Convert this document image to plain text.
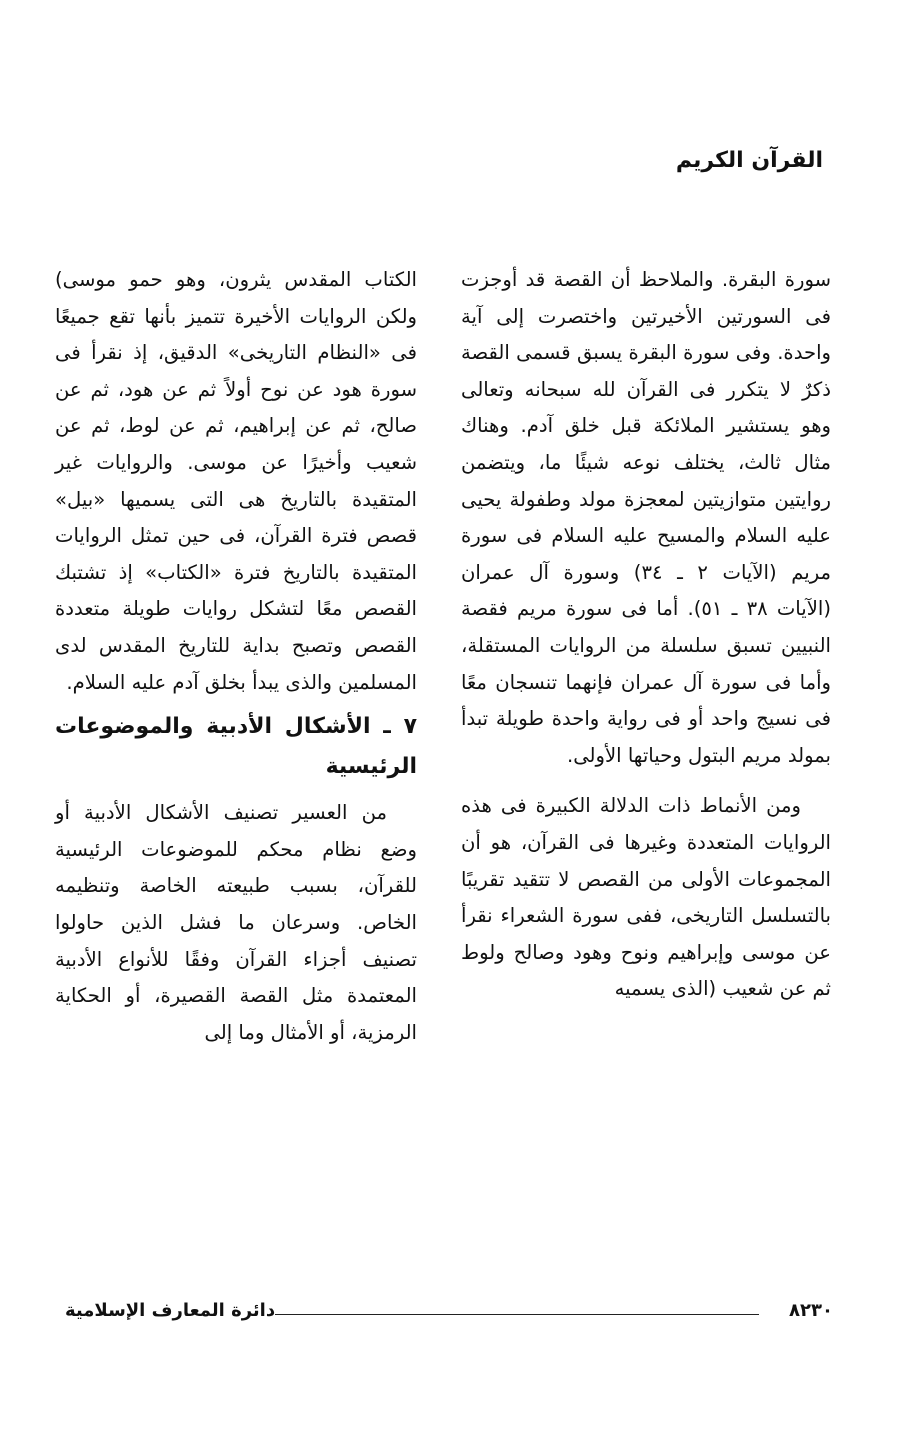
القرآن الكريم

سورة البقرة. والملاحظ أن القصة قد أوجزت فى السورتين الأخيرتين واختصرت إلى آية واحدة. وفى سورة البقرة يسبق قسمى القصة ذكرٌ لا يتكرر فى القرآن لله سبحانه وتعالى وهو يستشير الملائكة قبل خلق آدم. وهناك مثال ثالث، يختلف نوعه شيئًا ما، ويتضمن روايتين متوازيتين لمعجزة مولد وطفولة يحيى عليه السلام والمسيح عليه السلام فى سورة مريم (الآيات ٢ ـ ٣٤) وسورة آل عمران (الآيات ٣٨ ـ ٥١). أما فى سورة مريم فقصة النبيين تسبق سلسلة من الروايات المستقلة، وأما فى سورة آل عمران فإنهما تنسجان معًا فى نسيج واحد أو فى رواية واحدة طويلة تبدأ بمولد مريم البتول وحياتها الأولى.

ومن الأنماط ذات الدلالة الكبيرة فى هذه الروايات المتعددة وغيرها فى القرآن، هو أن المجموعات الأولى من القصص لا تتقيد تقريبًا بالتسلسل التاريخى، ففى سورة الشعراء نقرأ عن موسى وإبراهيم ونوح وهود وصالح ولوط ثم عن شعيب (الذى يسميه

الكتاب المقدس يثرون، وهو حمو موسى) ولكن الروايات الأخيرة تتميز بأنها تقع جميعًا فى «النظام التاريخى» الدقيق، إذ نقرأ فى سورة هود عن نوح أولاً ثم عن هود، ثم عن صالح، ثم عن إبراهيم، ثم عن لوط، ثم عن شعيب وأخيرًا عن موسى. والروايات غير المتقيدة بالتاريخ هى التى يسميها «بيل» قصص فترة القرآن، فى حين تمثل الروايات المتقيدة بالتاريخ فترة «الكتاب» إذ تشتبك القصص معًا لتشكل روايات طويلة متعددة القصص وتصبح بداية للتاريخ المقدس لدى المسلمين والذى يبدأ بخلق آدم عليه السلام.

٧ ـ الأشكال الأدبية والموضوعات الرئيسية

من العسير تصنيف الأشكال الأدبية أو وضع نظام محكم للموضوعات الرئيسية للقرآن، بسبب طبيعته الخاصة وتنظيمه الخاص. وسرعان ما فشل الذين حاولوا تصنيف أجزاء القرآن وفقًا للأنواع الأدبية المعتمدة مثل القصة القصيرة، أو الحكاية الرمزية، أو الأمثال وما إلى

٨٢٣٠
دائرة المعارف الإسلامية
